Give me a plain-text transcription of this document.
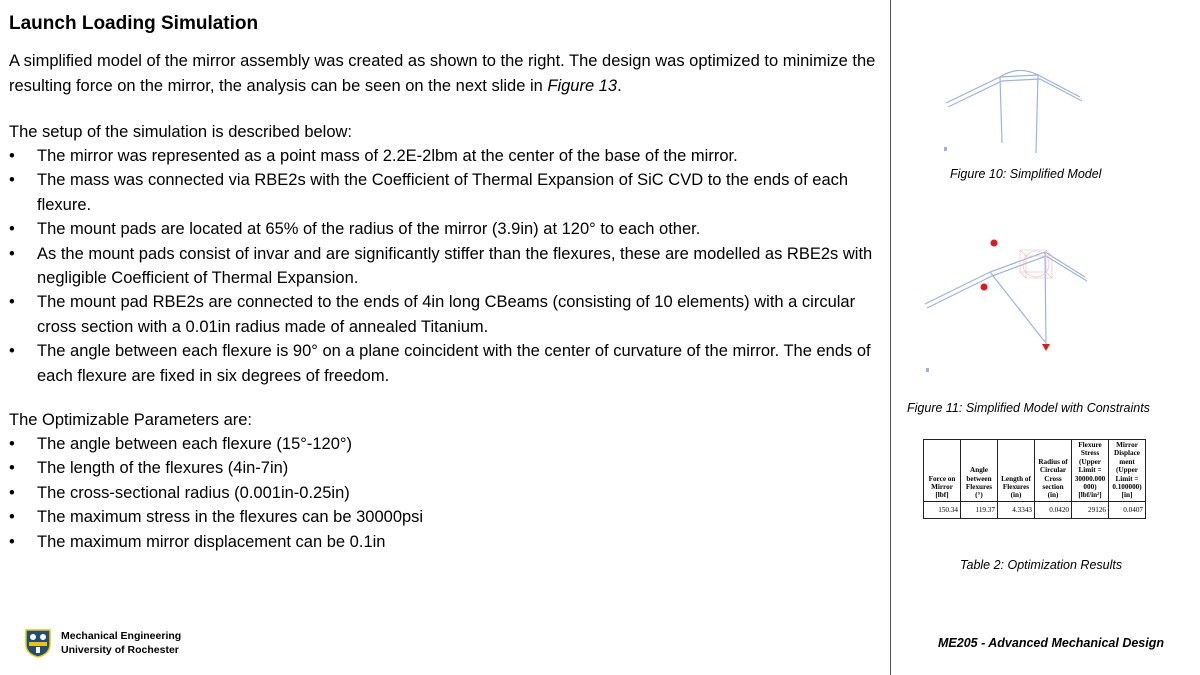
Launch Loading Simulation

A simplified model of the mirror assembly was created as shown to the right. The design was optimized to minimize the resulting force on the mirror, the analysis can be seen on the next slide in Figure 13.

The setup of the simulation is described below:

• The mirror was represented as a point mass of 2.2E-2lbm at the center of the base of the mirror.
• The mass was connected via RBE2s with the Coefficient of Thermal Expansion of SiC CVD to the ends of each flexure.
• The mount pads are located at 65% of the radius of the mirror (3.9in) at 120° to each other.
• As the mount pads consist of invar and are significantly stiffer than the flexures, these are modelled as RBE2s with negligible Coefficient of Thermal Expansion.
• The mount pad RBE2s are connected to the ends of 4in long CBeams (consisting of 10 elements) with a circular cross section with a 0.01in radius made of annealed Titanium.
• The angle between each flexure is 90° on a plane coincident with the center of curvature of the mirror. The ends of each flexure are fixed in six degrees of freedom.

The Optimizable Parameters are:

• The angle between each flexure (15°-120°)
• The length of the flexures (4in-7in)
• The cross-sectional radius (0.001in-0.25in)
• The maximum stress in the flexures can be 30000psi
• The maximum mirror displacement can be 0.1in
Figure 10: Simplified Model
Figure 11: Simplified Model with Constraints
Force on Mirror [lbf]	Angle between Flexures (°)	Length of Flexures (in)	Radius of Circular Cross section (in)	Flexure Stress (Upper Limit = 30000.000 000) [lbf/in²]	Mirror Displace ment (Upper Limit = 0.100000) [in]
150.34	119.37	4.3343	0.0420	29126	0.0407
Table 2: Optimization Results
Mechanical Engineering
University of Rochester	ME205 - Advanced Mechanical Design
